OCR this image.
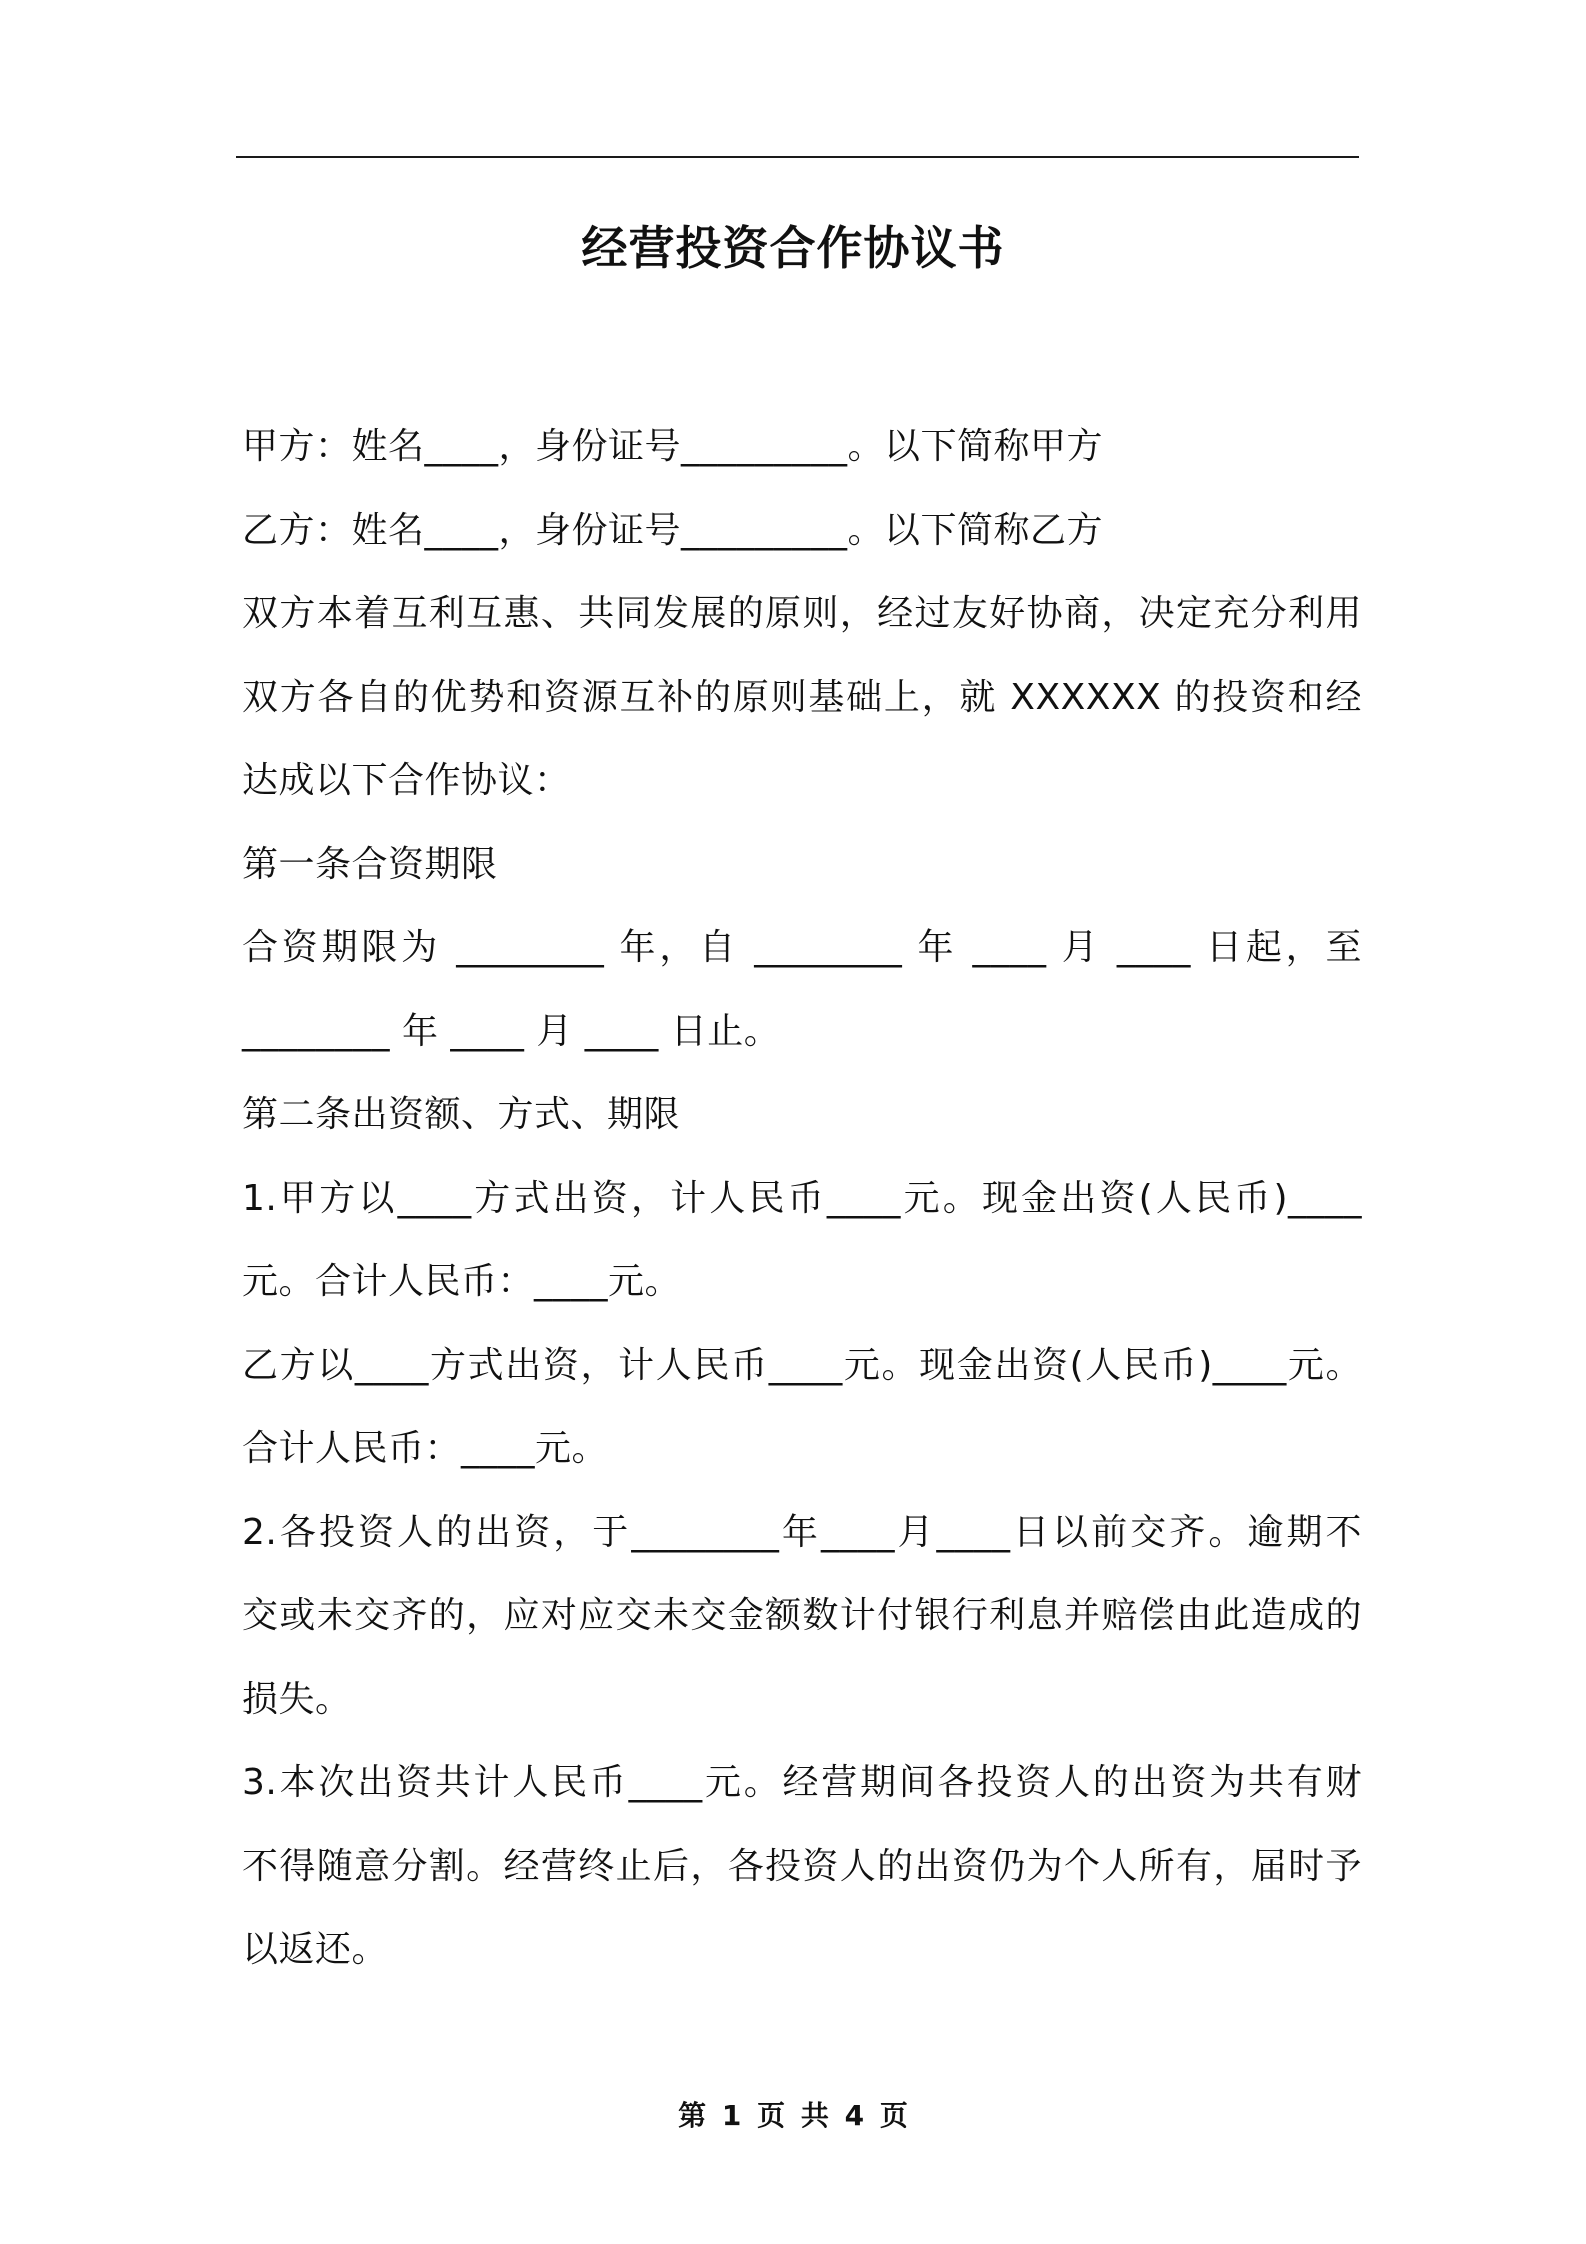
经营投资合作协议书
甲方：姓名____，身份证号_________。以下简称甲方
乙方：姓名____，身份证号_________。以下简称乙方
双方本着互利互惠、共同发展的原则，经过友好协商，决定充分利用
双方各自的优势和资源互补的原则基础上，就 XXXXXX 的投资和经
达成以下合作协议：
第一条合资期限
合资期限为 ________ 年，自 ________ 年 ____ 月 ____ 日起，至
________ 年 ____ 月 ____ 日止。
第二条出资额、方式、期限
1.甲方以____方式出资，计人民币____元。现金出资(人民币)____
元。合计人民币：____元。
乙方以____方式出资，计人民币____元。现金出资(人民币)____元。
合计人民币：____元。
2.各投资人的出资，于________年____月____日以前交齐。逾期不
交或未交齐的，应对应交未交金额数计付银行利息并赔偿由此造成的
损失。
3.本次出资共计人民币____元。经营期间各投资人的出资为共有财
不得随意分割。经营终止后，各投资人的出资仍为个人所有，届时予
以返还。
第 1 页 共 4 页
